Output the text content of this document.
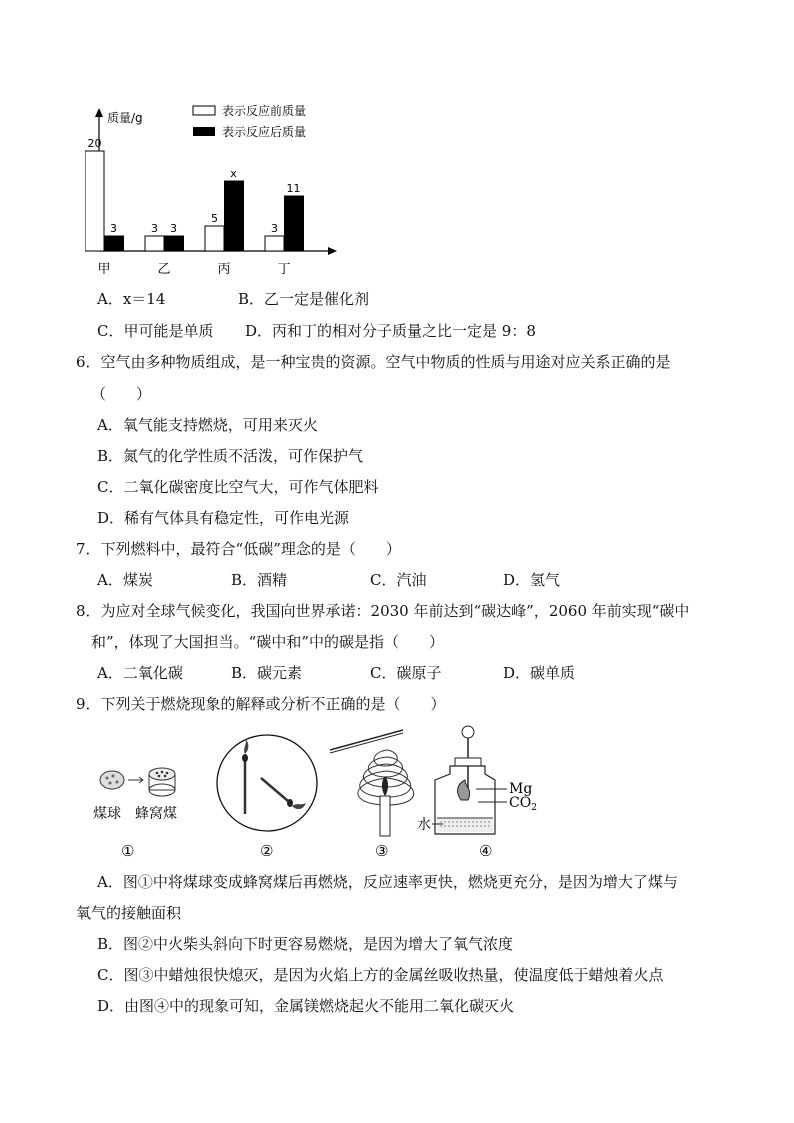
20
3
甲
3 3
乙
5
x
丙
3
11
丁
表示反应前质量
表示反应后质量
质量/g
A．x＝14	B．乙一定是催化剂
C．甲可能是单质 D．丙和丁的相对分子质量之比一定是 9：8
6．空气由多种物质组成，是一种宝贵的资源。空气中物质的性质与用途对应关系正确的是
（　　）
A．氧气能支持燃烧，可用来灭火
B．氮气的化学性质不活泼，可作保护气
C．二氧化碳密度比空气大，可作气体肥料
D．稀有气体具有稳定性，可作电光源
7．下列燃料中，最符合“低碳”理念的是（　　）
A．煤炭	B．酒精	C．汽油	D．氢气
8．为应对全球气候变化，我国向世界承诺：2030 年前达到“碳达峰”，2060 年前实现“碳中
和”，体现了大国担当。“碳中和”中的碳是指（　　）
A．二氧化碳	B．碳元素	C．碳原子	D．碳单质
9．下列关于燃烧现象的解释或分析不正确的是（　　）
煤球 蜂窝煤
Mg
$CO_2$
水
①	②	③	④
A．图①中将煤球变成蜂窝煤后再燃烧，反应速率更快，燃烧更充分，是因为增大了煤与
氧气的接触面积
B．图②中火柴头斜向下时更容易燃烧，是因为增大了氧气浓度
C．图③中蜡烛很快熄灭，是因为火焰上方的金属丝吸收热量，使温度低于蜡烛着火点
D．由图④中的现象可知，金属镁燃烧起火不能用二氧化碳灭火
